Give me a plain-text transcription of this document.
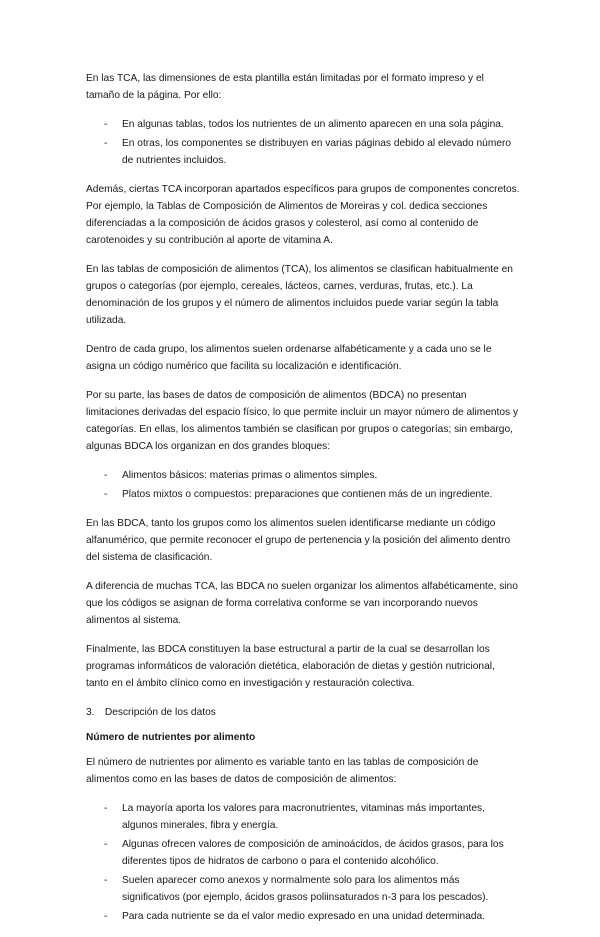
En las TCA, las dimensiones de esta plantilla están limitadas por el formato impreso y el tamaño de la página. Por ello:

- En algunas tablas, todos los nutrientes de un alimento aparecen en una sola página.
- En otras, los componentes se distribuyen en varias páginas debido al elevado número de nutrientes incluidos.

Además, ciertas TCA incorporan apartados específicos para grupos de componentes concretos. Por ejemplo, la Tablas de Composición de Alimentos de Moreiras y col. dedica secciones diferenciadas a la composición de ácidos grasos y colesterol, así como al contenido de carotenoides y su contribución al aporte de vitamina A.

En las tablas de composición de alimentos (TCA), los alimentos se clasifican habitualmente en grupos o categorías (por ejemplo, cereales, lácteos, carnes, verduras, frutas, etc.). La denominación de los grupos y el número de alimentos incluidos puede variar según la tabla utilizada.

Dentro de cada grupo, los alimentos suelen ordenarse alfabéticamente y a cada uno se le asigna un código numérico que facilita su localización e identificación.

Por su parte, las bases de datos de composición de alimentos (BDCA) no presentan limitaciones derivadas del espacio físico, lo que permite incluir un mayor número de alimentos y categorías. En ellas, los alimentos también se clasifican por grupos o categorías; sin embargo, algunas BDCA los organizan en dos grandes bloques:

- Alimentos básicos: materias primas o alimentos simples.
- Platos mixtos o compuestos: preparaciones que contienen más de un ingrediente.

En las BDCA, tanto los grupos como los alimentos suelen identificarse mediante un código alfanumérico, que permite reconocer el grupo de pertenencia y la posición del alimento dentro del sistema de clasificación.

A diferencia de muchas TCA, las BDCA no suelen organizar los alimentos alfabéticamente, sino que los códigos se asignan de forma correlativa conforme se van incorporando nuevos alimentos al sistema.

Finalmente, las BDCA constituyen la base estructural a partir de la cual se desarrollan los programas informáticos de valoración dietética, elaboración de dietas y gestión nutricional, tanto en el ámbito clínico como en investigación y restauración colectiva.

3. Descripción de los datos
Número de nutrientes por alimento

El número de nutrientes por alimento es variable tanto en las tablas de composición de alimentos como en las bases de datos de composición de alimentos:

- La mayoría aporta los valores para macronutrientes, vitaminas más importantes, algunos minerales, fibra y energía.
- Algunas ofrecen valores de composición de aminoácidos, de ácidos grasos, para los diferentes tipos de hidratos de carbono o para el contenido alcohólico.
- Suelen aparecer como anexos y normalmente solo para los alimentos más significativos (por ejemplo, ácidos grasos poliinsaturados n-3 para los pescados).
- Para cada nutriente se da el valor medio expresado en una unidad determinada.
